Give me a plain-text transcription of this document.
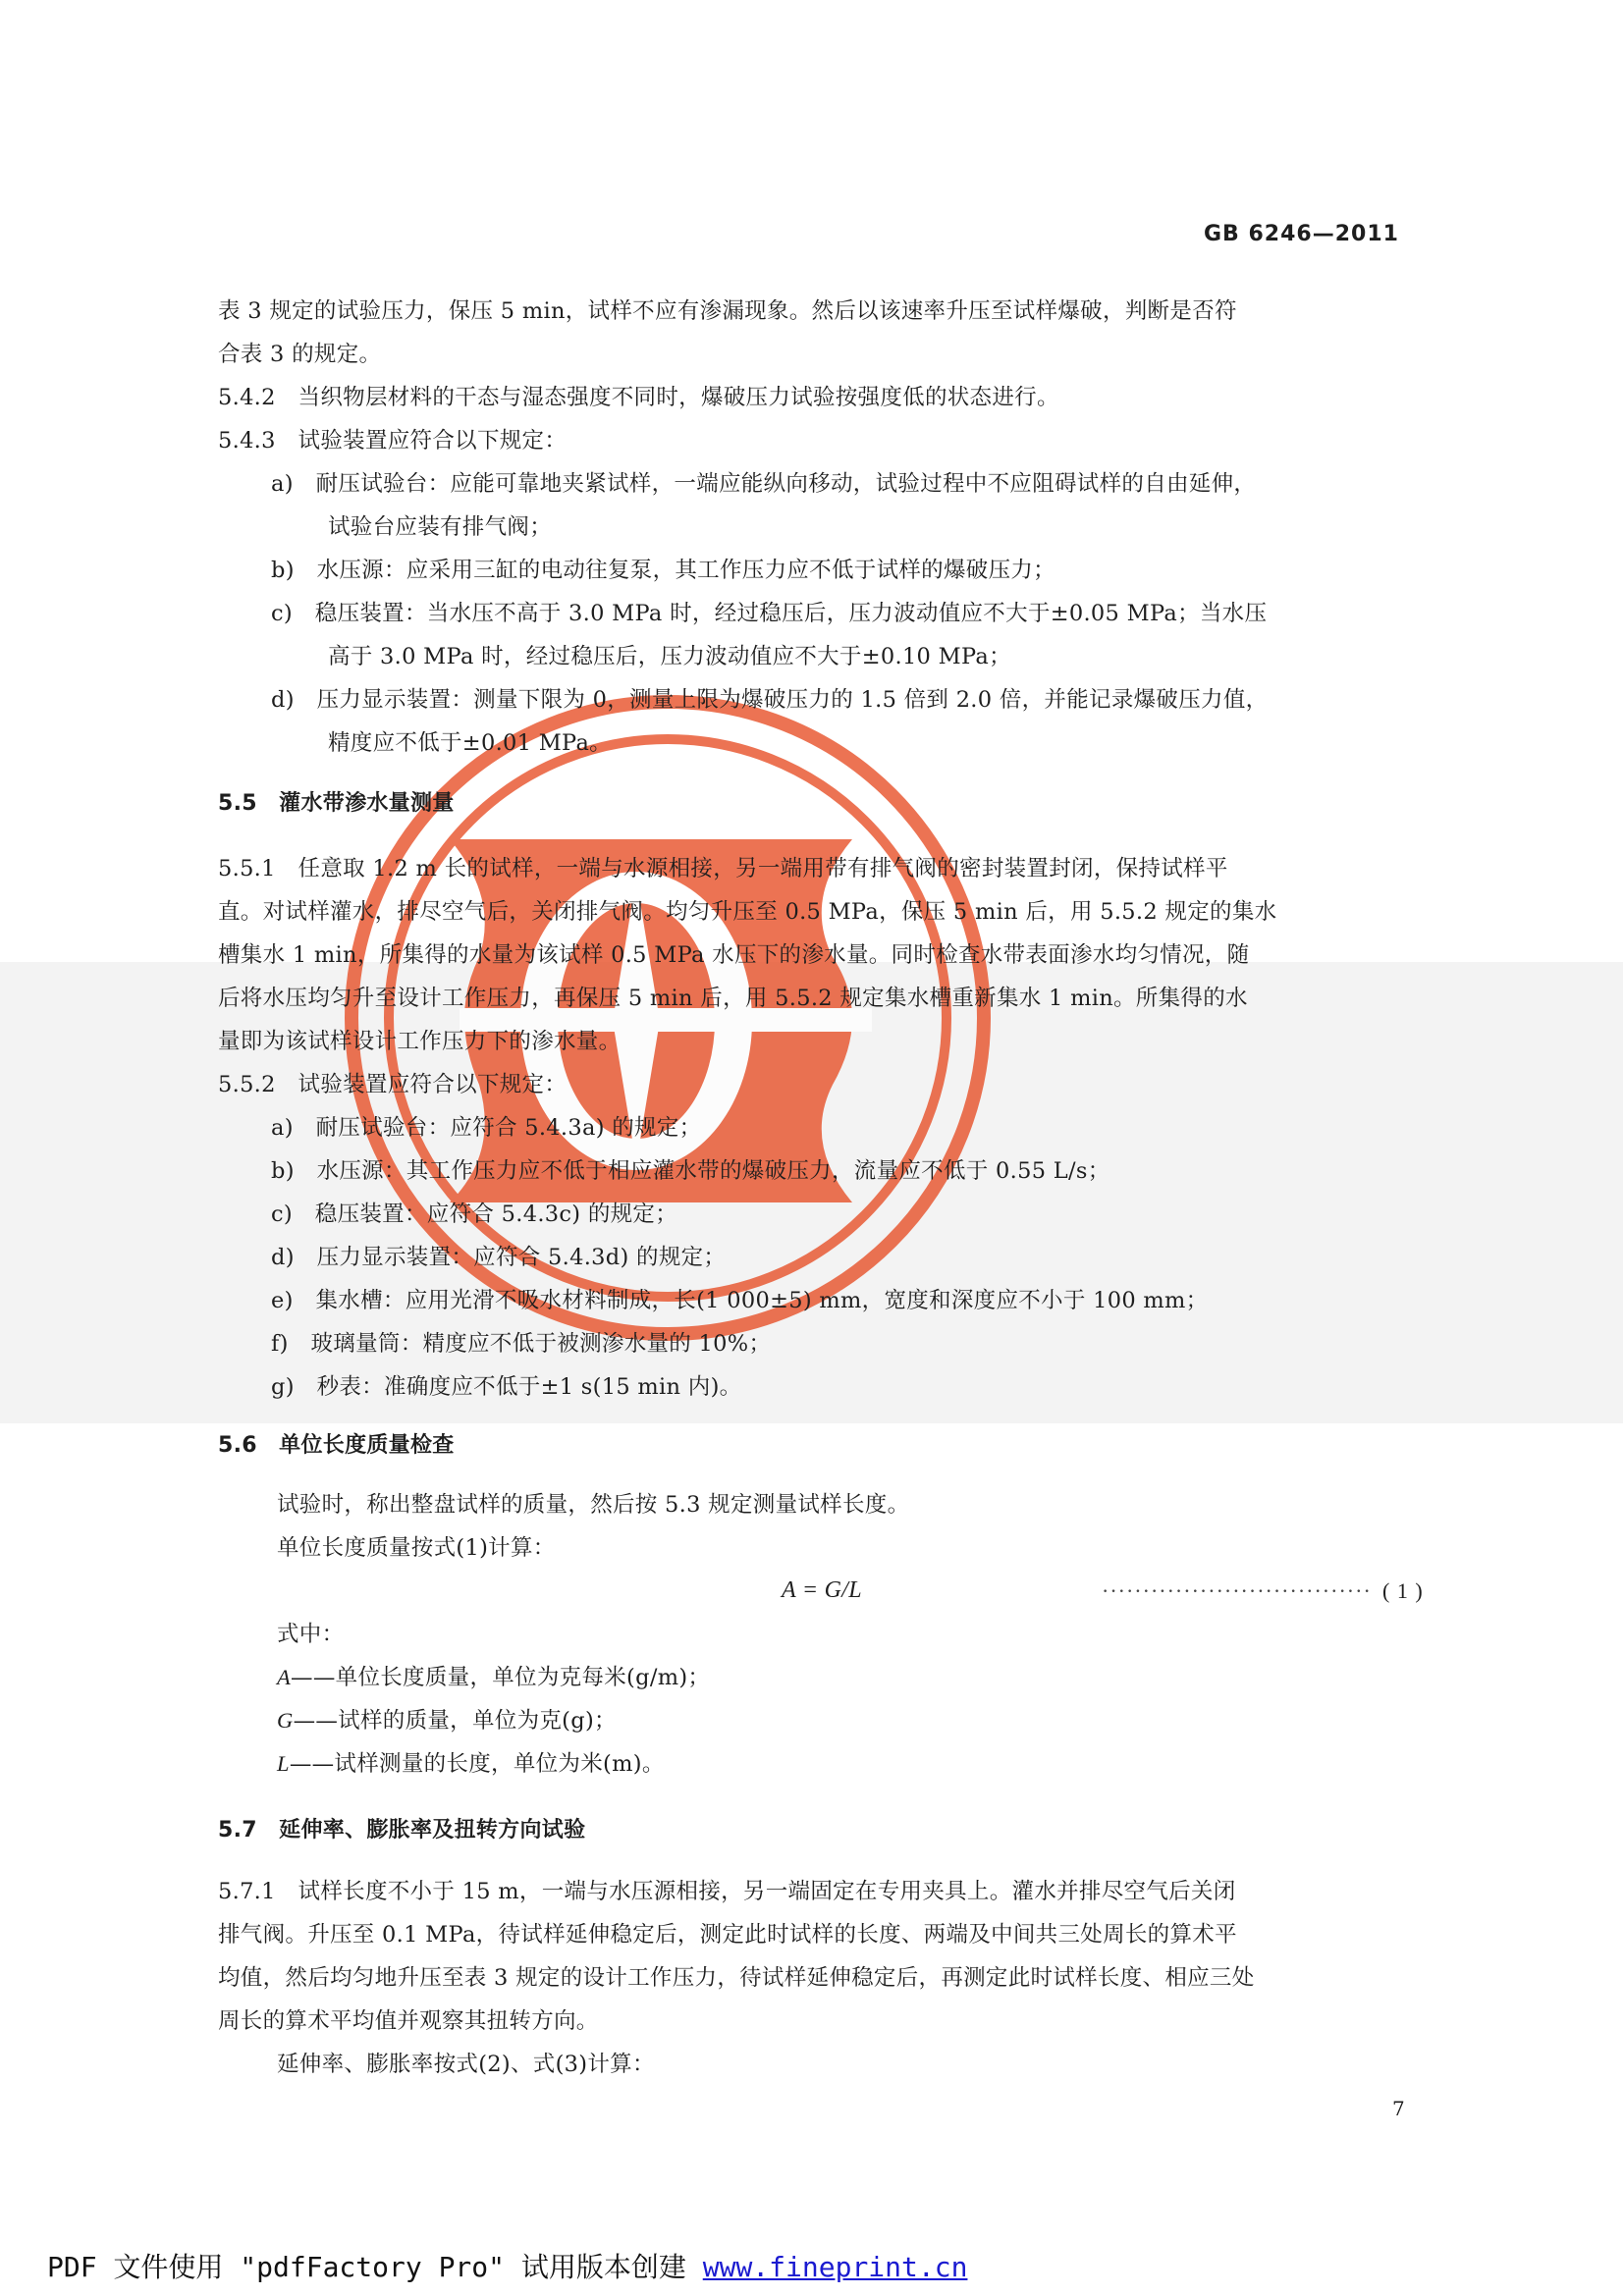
GB 6246—2011
表 3 规定的试验压力，保压 5 min，试样不应有渗漏现象。然后以该速率升压至试样爆破，判断是否符
合表 3 的规定。
5.4.2　当织物层材料的干态与湿态强度不同时，爆破压力试验按强度低的状态进行。
5.4.3　试验装置应符合以下规定：
a)　耐压试验台：应能可靠地夹紧试样，一端应能纵向移动，试验过程中不应阻碍试样的自由延伸，
试验台应装有排气阀；
b)　水压源：应采用三缸的电动往复泵，其工作压力应不低于试样的爆破压力；
c)　稳压装置：当水压不高于 3.0 MPa 时，经过稳压后，压力波动值应不大于±0.05 MPa；当水压
高于 3.0 MPa 时，经过稳压后，压力波动值应不大于±0.10 MPa；
d)　压力显示装置：测量下限为 0，测量上限为爆破压力的 1.5 倍到 2.0 倍，并能记录爆破压力值，
精度应不低于±0.01 MPa。
5.5　灌水带渗水量测量
5.5.1　任意取 1.2 m 长的试样，一端与水源相接，另一端用带有排气阀的密封装置封闭，保持试样平
直。对试样灌水，排尽空气后，关闭排气阀。均匀升压至 0.5 MPa，保压 5 min 后，用 5.5.2 规定的集水
槽集水 1 min，所集得的水量为该试样 0.5 MPa 水压下的渗水量。同时检查水带表面渗水均匀情况，随
后将水压均匀升至设计工作压力，再保压 5 min 后，用 5.5.2 规定集水槽重新集水 1 min。所集得的水
量即为该试样设计工作压力下的渗水量。
5.5.2　试验装置应符合以下规定：
a)　耐压试验台：应符合 5.4.3a) 的规定；
b)　水压源：其工作压力应不低于相应灌水带的爆破压力，流量应不低于 0.55 L/s；
c)　稳压装置：应符合 5.4.3c) 的规定；
d)　压力显示装置：应符合 5.4.3d) 的规定；
e)　集水槽：应用光滑不吸水材料制成，长(1 000±5) mm，宽度和深度应不小于 100 mm；
f)　玻璃量筒：精度应不低于被测渗水量的 10%；
g)　秒表：准确度应不低于±1 s(15 min 内)。
5.6　单位长度质量检查
试验时，称出整盘试样的质量，然后按 5.3 规定测量试样长度。
单位长度质量按式(1)计算：
A = G/L	································· ( 1 )
式中：
A——单位长度质量，单位为克每米(g/m)；
G——试样的质量，单位为克(g)；
L——试样测量的长度，单位为米(m)。
5.7　延伸率、膨胀率及扭转方向试验
5.7.1　试样长度不小于 15 m，一端与水压源相接，另一端固定在专用夹具上。灌水并排尽空气后关闭
排气阀。升压至 0.1 MPa，待试样延伸稳定后，测定此时试样的长度、两端及中间共三处周长的算术平
均值，然后均匀地升压至表 3 规定的设计工作压力，待试样延伸稳定后，再测定此时试样长度、相应三处
周长的算术平均值并观察其扭转方向。
延伸率、膨胀率按式(2)、式(3)计算：
7
PDF 文件使用 "pdfFactory Pro" 试用版本创建 www.fineprint.cn
